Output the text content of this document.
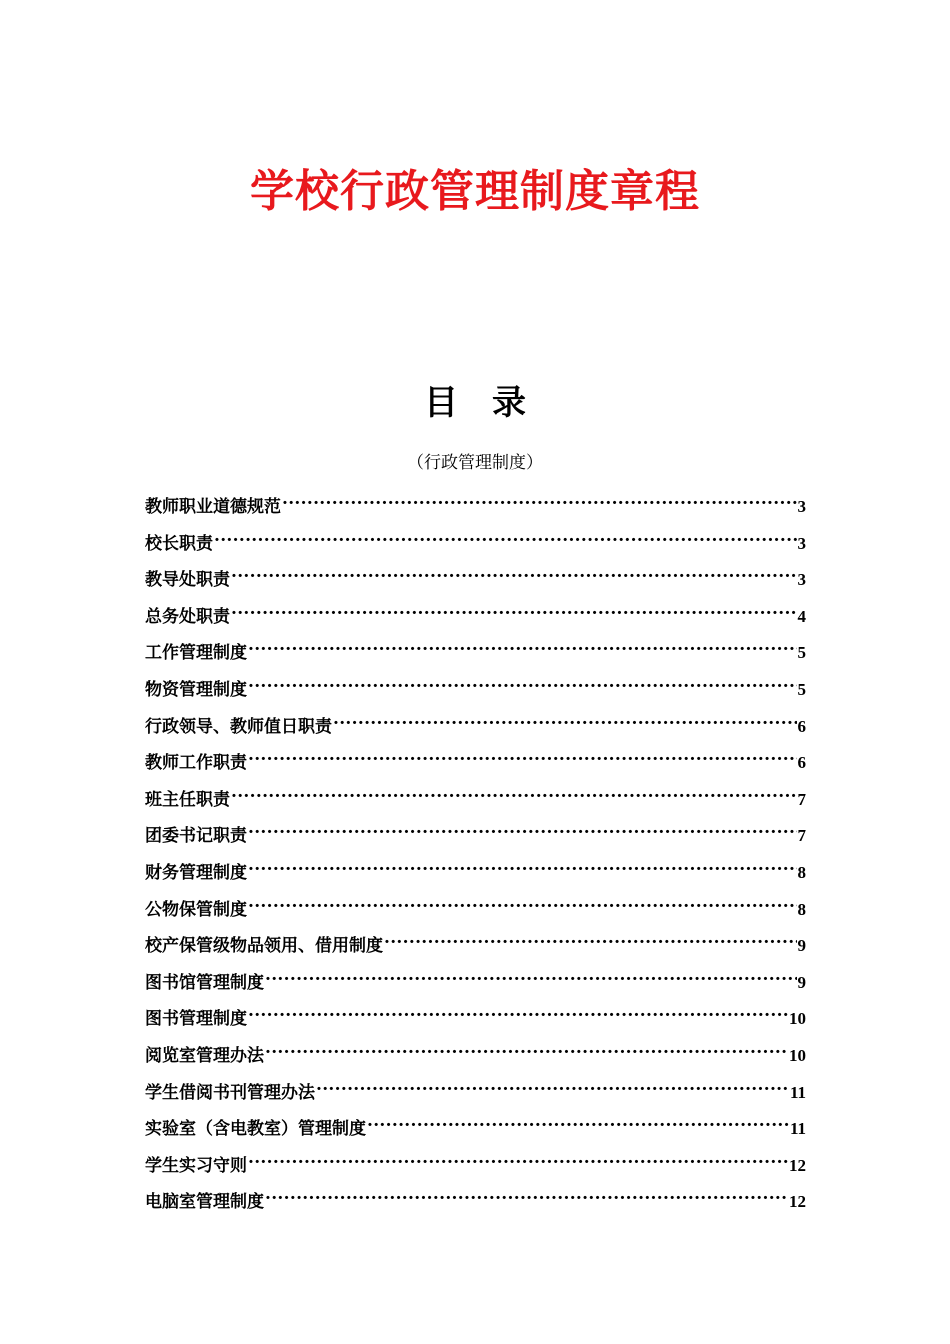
学校行政管理制度章程
目 录
（行政管理制度）
教师职业道德规范 .....	3
校长职责 .....	3
教导处职责 .....	3
总务处职责 .....	4
工作管理制度 .....	5
物资管理制度 .....	5
行政领导、教师值日职责 .....	6
教师工作职责 .....	6
班主任职责 .....	7
团委书记职责 .....	7
财务管理制度 .....	8
公物保管制度 .....	8
校产保管级物品领用、借用制度 .....	9
图书馆管理制度 .....	9
图书管理制度 .....	10
阅览室管理办法 .....	10
学生借阅书刊管理办法 .....	11
实验室（含电教室）管理制度 .....	11
学生实习守则 .....	12
电脑室管理制度 .....	12
